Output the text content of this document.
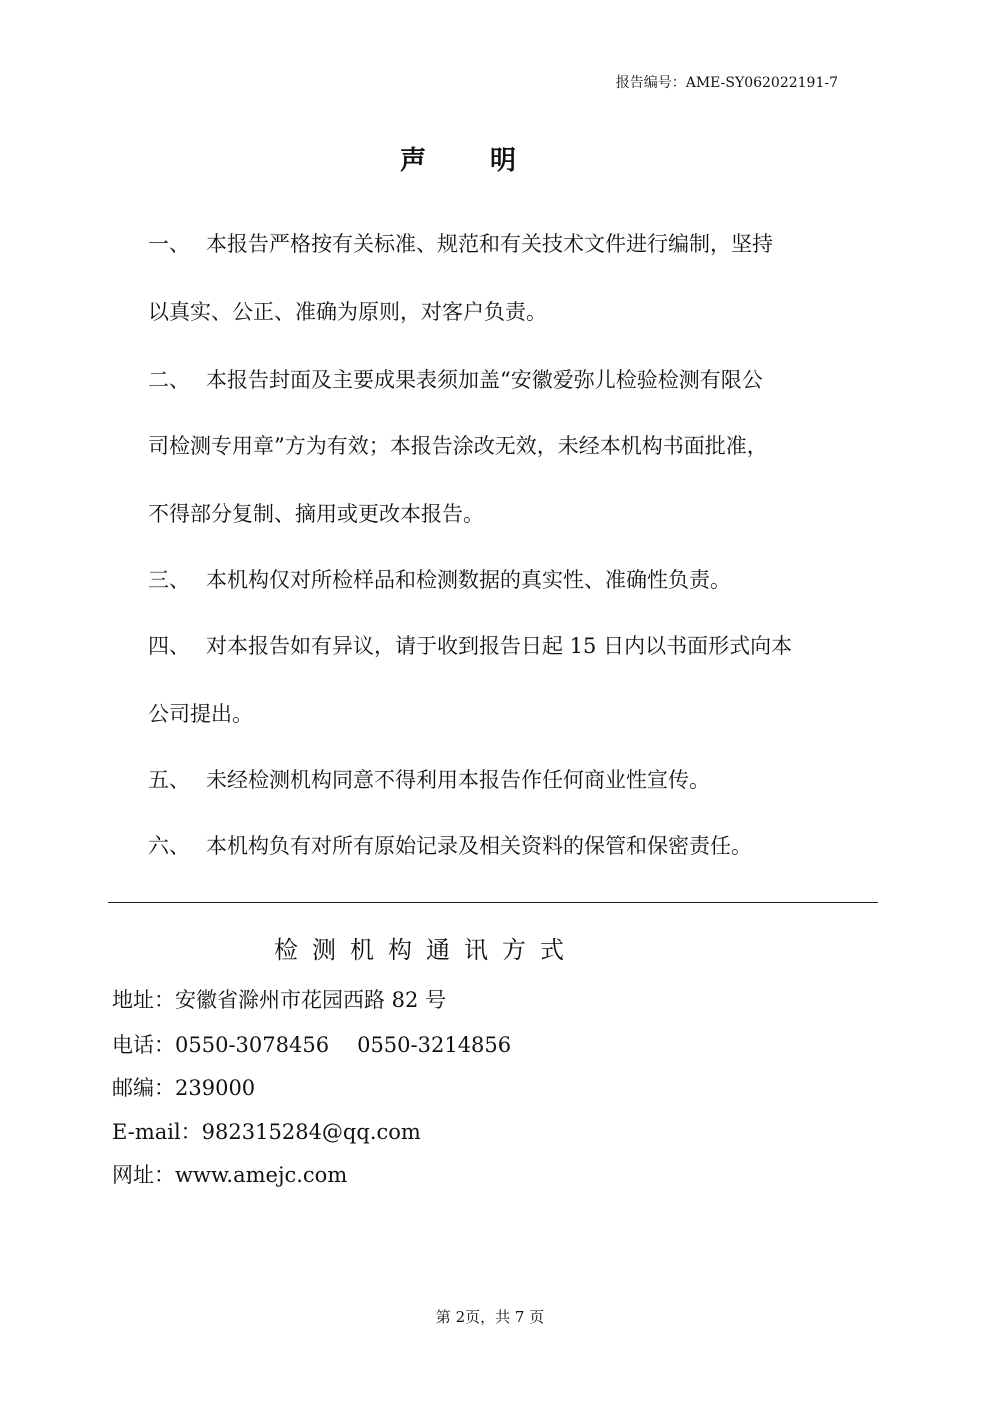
报告编号：AME-SY062022191-7
声明
一、 本报告严格按有关标准、规范和有关技术文件进行编制，坚持
以真实、公正、准确为原则，对客户负责。
二、 本报告封面及主要成果表须加盖“安徽爱弥儿检验检测有限公
司检测专用章”方为有效；本报告涂改无效，未经本机构书面批准，
不得部分复制、摘用或更改本报告。
三、 本机构仅对所检样品和检测数据的真实性、准确性负责。
四、 对本报告如有异议，请于收到报告日起 15 日内以书面形式向本
公司提出。
五、 未经检测机构同意不得利用本报告作任何商业性宣传。
六、 本机构负有对所有原始记录及相关资料的保管和保密责任。
检测机构通讯方式
地址：安徽省滁州市花园西路 82 号
电话：0550-3078456 0550-3214856
邮编：239000
E-mail：982315284@qq.com
网址：www.amejc.com
第 2页，共 7 页
